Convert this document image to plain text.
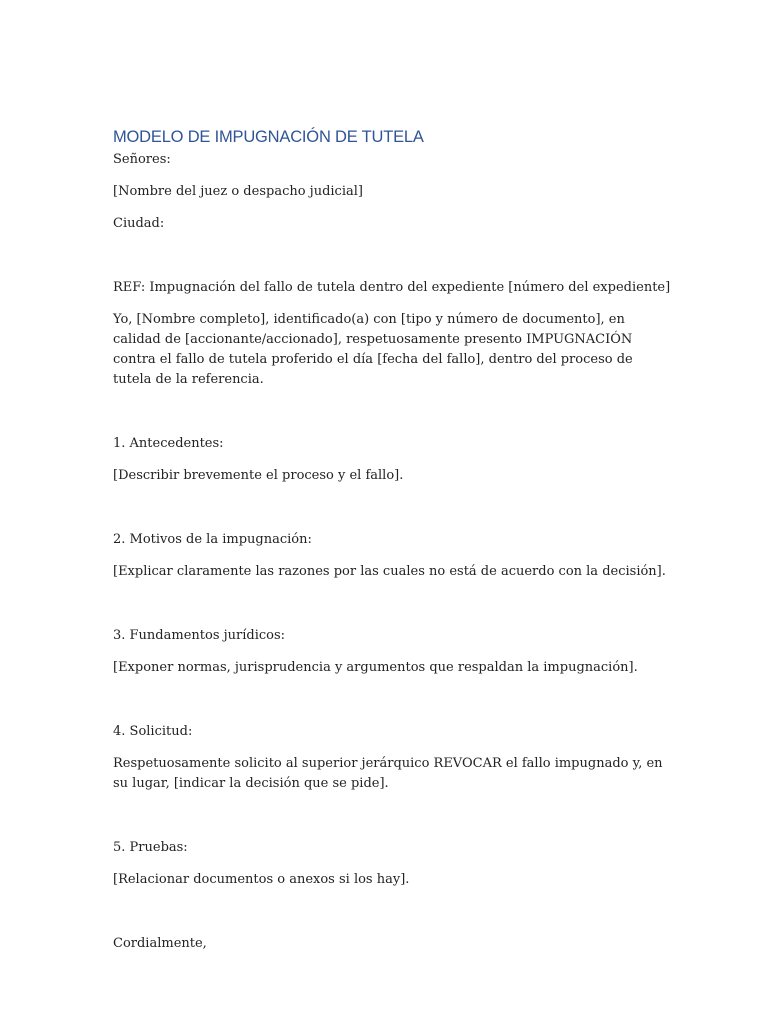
MODELO DE IMPUGNACIÓN DE TUTELA
Señores:
[Nombre del juez o despacho judicial]
Ciudad:
REF: Impugnación del fallo de tutela dentro del expediente [número del expediente]
Yo, [Nombre completo], identificado(a) con [tipo y número de documento], en calidad de [accionante/accionado], respetuosamente presento IMPUGNACIÓN contra el fallo de tutela proferido el día [fecha del fallo], dentro del proceso de tutela de la referencia.
1. Antecedentes:
[Describir brevemente el proceso y el fallo].
2. Motivos de la impugnación:
[Explicar claramente las razones por las cuales no está de acuerdo con la decisión].
3. Fundamentos jurídicos:
[Exponer normas, jurisprudencia y argumentos que respaldan la impugnación].
4. Solicitud:
Respetuosamente solicito al superior jerárquico REVOCAR el fallo impugnado y, en su lugar, [indicar la decisión que se pide].
5. Pruebas:
[Relacionar documentos o anexos si los hay].
Cordialmente,
